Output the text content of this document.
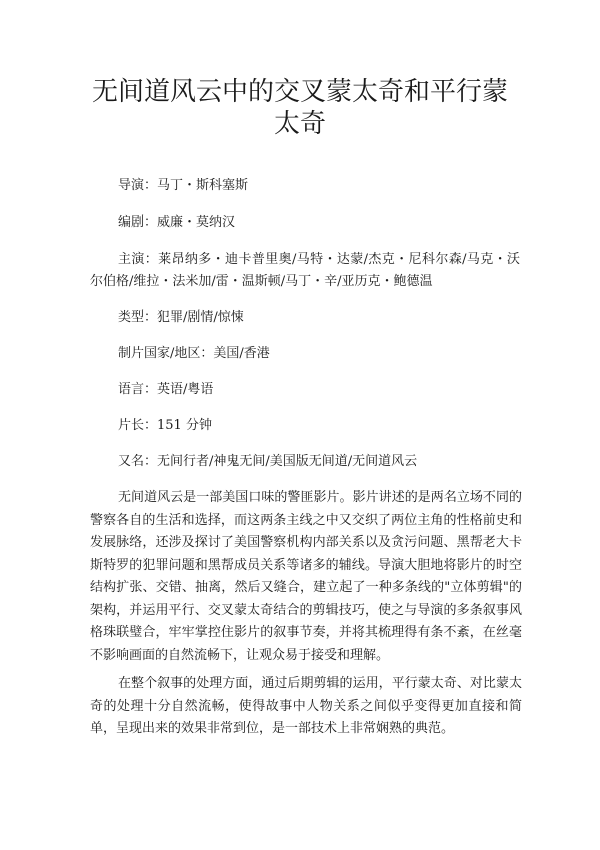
无间道风云中的交叉蒙太奇和平行蒙太奇

导演：马丁・斯科塞斯

编剧：威廉・莫纳汉

主演：莱昂纳多・迪卡普里奥/马特・达蒙/杰克・尼科尔森/马克・沃尔伯格/维拉・法米加/雷・温斯顿/马丁・辛/亚历克・鲍德温

类型：犯罪/剧情/惊悚

制片国家/地区：美国/香港

语言：英语/粤语

片长：151 分钟

又名：无间行者/神鬼无间/美国版无间道/无间道风云

无间道风云是一部美国口味的警匪影片。影片讲述的是两名立场不同的警察各自的生活和选择，而这两条主线之中又交织了两位主角的性格前史和发展脉络，还涉及探讨了美国警察机构内部关系以及贪污问题、黑帮老大卡斯特罗的犯罪问题和黑帮成员关系等诸多的辅线。导演大胆地将影片的时空结构扩张、交错、抽离，然后又缝合，建立起了一种多条线的"立体剪辑"的架构，并运用平行、交叉蒙太奇结合的剪辑技巧，使之与导演的多条叙事风格珠联璧合，牢牢掌控住影片的叙事节奏，并将其梳理得有条不紊，在丝毫不影响画面的自然流畅下，让观众易于接受和理解。

在整个叙事的处理方面，通过后期剪辑的运用，平行蒙太奇、对比蒙太奇的处理十分自然流畅，使得故事中人物关系之间似乎变得更加直接和简单，呈现出来的效果非常到位，是一部技术上非常娴熟的典范。
